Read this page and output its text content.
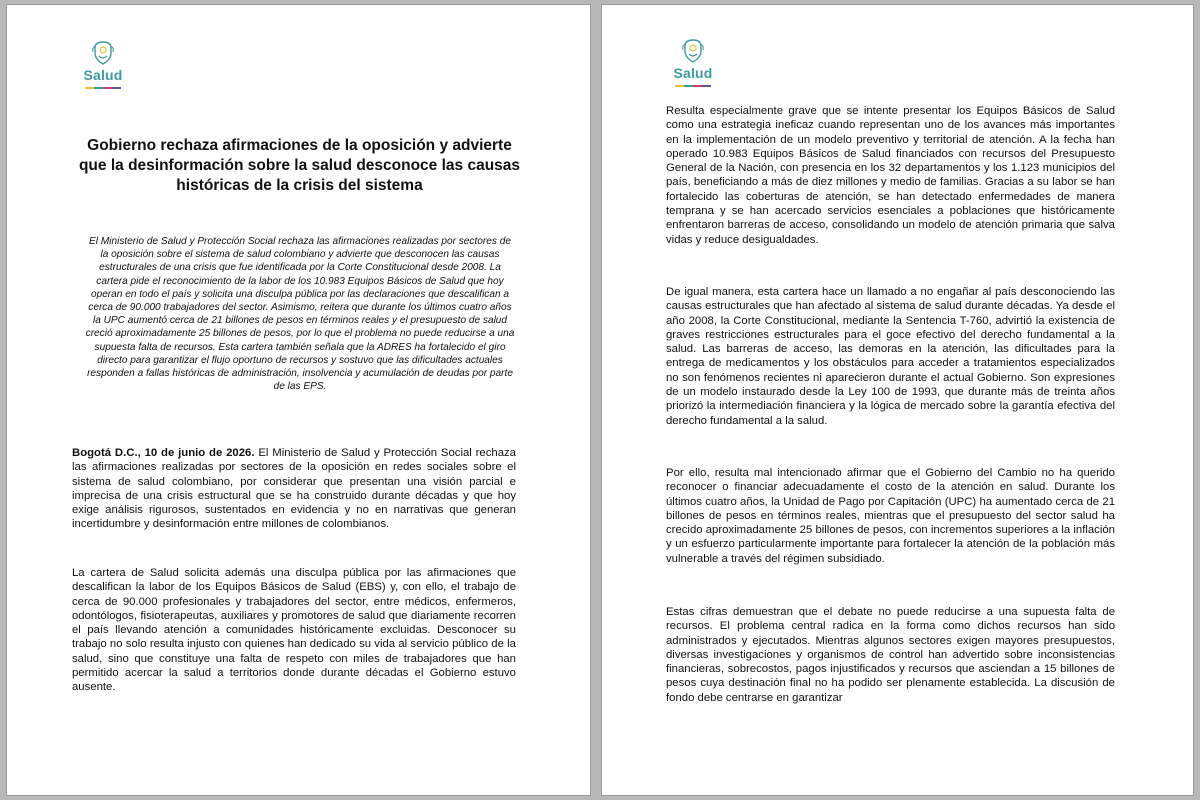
Salud
Gobierno rechaza afirmaciones de la oposición y advierte que la desinformación sobre la salud desconoce las causas históricas de la crisis del sistema

El Ministerio de Salud y Protección Social rechaza las afirmaciones realizadas por sectores de la oposición sobre el sistema de salud colombiano y advierte que desconocen las causas estructurales de una crisis que fue identificada por la Corte Constitucional desde 2008. La cartera pide el reconocimiento de la labor de los 10.983 Equipos Básicos de Salud que hoy operan en todo el país y solicita una disculpa pública por las declaraciones que descalifican a cerca de 90.000 trabajadores del sector. Asimismo, reitera que durante los últimos cuatro años la UPC aumentó cerca de 21 billones de pesos en términos reales y el presupuesto de salud creció aproximadamente 25 billones de pesos, por lo que el problema no puede reducirse a una supuesta falta de recursos. Esta cartera también señala que la ADRES ha fortalecido el giro directo para garantizar el flujo oportuno de recursos y sostuvo que las dificultades actuales responden a fallas históricas de administración, insolvencia y acumulación de deudas por parte de las EPS.

Bogotá D.C., 10 de junio de 2026. El Ministerio de Salud y Protección Social rechaza las afirmaciones realizadas por sectores de la oposición en redes sociales sobre el sistema de salud colombiano, por considerar que presentan una visión parcial e imprecisa de una crisis estructural que se ha construido durante décadas y que hoy exige análisis rigurosos, sustentados en evidencia y no en narrativas que generan incertidumbre y desinformación entre millones de colombianos.

La cartera de Salud solicita además una disculpa pública por las afirmaciones que descalifican la labor de los Equipos Básicos de Salud (EBS) y, con ello, el trabajo de cerca de 90.000 profesionales y trabajadores del sector, entre médicos, enfermeros, odontólogos, fisioterapeutas, auxiliares y promotores de salud que diariamente recorren el país llevando atención a comunidades históricamente excluidas. Desconocer su trabajo no solo resulta injusto con quienes han dedicado su vida al servicio público de la salud, sino que constituye una falta de respeto con miles de trabajadores que han permitido acercar la salud a territorios donde durante décadas el Gobierno estuvo ausente.

Salud

Resulta especialmente grave que se intente presentar los Equipos Básicos de Salud como una estrategia ineficaz cuando representan uno de los avances más importantes en la implementación de un modelo preventivo y territorial de atención. A la fecha han operado 10.983 Equipos Básicos de Salud financiados con recursos del Presupuesto General de la Nación, con presencia en los 32 departamentos y los 1.123 municipios del país, beneficiando a más de diez millones y medio de familias. Gracias a su labor se han fortalecido las coberturas de atención, se han detectado enfermedades de manera temprana y se han acercado servicios esenciales a poblaciones que históricamente enfrentaron barreras de acceso, consolidando un modelo de atención primaria que salva vidas y reduce desigualdades.

De igual manera, esta cartera hace un llamado a no engañar al país desconociendo las causas estructurales que han afectado al sistema de salud durante décadas. Ya desde el año 2008, la Corte Constitucional, mediante la Sentencia T-760, advirtió la existencia de graves restricciones estructurales para el goce efectivo del derecho fundamental a la salud. Las barreras de acceso, las demoras en la atención, las dificultades para la entrega de medicamentos y los obstáculos para acceder a tratamientos especializados no son fenómenos recientes ni aparecieron durante el actual Gobierno. Son expresiones de un modelo instaurado desde la Ley 100 de 1993, que durante más de treinta años priorizó la intermediación financiera y la lógica de mercado sobre la garantía efectiva del derecho fundamental a la salud.

Por ello, resulta mal intencionado afirmar que el Gobierno del Cambio no ha querido reconocer o financiar adecuadamente el costo de la atención en salud. Durante los últimos cuatro años, la Unidad de Pago por Capitación (UPC) ha aumentado cerca de 21 billones de pesos en términos reales, mientras que el presupuesto del sector salud ha crecido aproximadamente 25 billones de pesos, con incrementos superiores a la inflación y un esfuerzo particularmente importante para fortalecer la atención de la población más vulnerable a través del régimen subsidiado.

Estas cifras demuestran que el debate no puede reducirse a una supuesta falta de recursos. El problema central radica en la forma como dichos recursos han sido administrados y ejecutados. Mientras algunos sectores exigen mayores presupuestos, diversas investigaciones y organismos de control han advertido sobre inconsistencias financieras, sobrecostos, pagos injustificados y recursos que asciendan a 15 billones de pesos cuya destinación final no ha podido ser plenamente establecida. La discusión de fondo debe centrarse en garantizar
